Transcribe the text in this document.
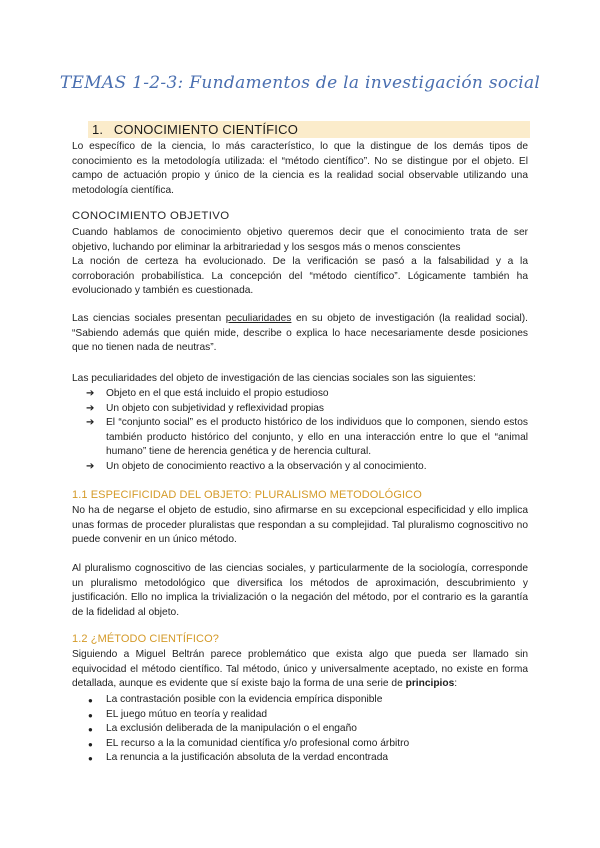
TEMAS 1-2-3: Fundamentos de la investigación social
1. CONOCIMIENTO CIENTÍFICO

Lo específico de la ciencia, lo más característico, lo que la distingue de los demás tipos de conocimiento es la metodología utilizada: el “método científico”. No se distingue por el objeto. El campo de actuación propio y único de la ciencia es la realidad social observable utilizando una metodología científica.

CONOCIMIENTO OBJETIVO

Cuando hablamos de conocimiento objetivo queremos decir que el conocimiento trata de ser objetivo, luchando por eliminar la arbitrariedad y los sesgos más o menos conscientes

La noción de certeza ha evolucionado. De la verificación se pasó a la falsabilidad y a la corroboración probabilística. La concepción del “método científico”. Lógicamente también ha evolucionado y también es cuestionada.

Las ciencias sociales presentan peculiaridades en su objeto de investigación (la realidad social). “Sabiendo además que quién mide, describe o explica lo hace necesariamente desde posiciones que no tienen nada de neutras”.

Las peculiaridades del objeto de investigación de las ciencias sociales son las siguientes:

➔ Objeto en el que está incluido el propio estudioso
➔ Un objeto con subjetividad y reflexividad propias
➔ El “conjunto social” es el producto histórico de los individuos que lo componen, siendo estos también producto histórico del conjunto, y ello en una interacción entre lo que el “animal humano” tiene de herencia genética y de herencia cultural.
➔ Un objeto de conocimiento reactivo a la observación y al conocimiento.
1.1 ESPECIFICIDAD DEL OBJETO: PLURALISMO METODOLÓGICO

No ha de negarse el objeto de estudio, sino afirmarse en su excepcional especificidad y ello implica unas formas de proceder pluralistas que respondan a su complejidad. Tal pluralismo cognoscitivo no puede convenir en un único método.

Al pluralismo cognoscitivo de las ciencias sociales, y particularmente de la sociología, corresponde un pluralismo metodológico que diversifica los métodos de aproximación, descubrimiento y justificación. Ello no implica la trivialización o la negación del método, por el contrario es la garantía de la fidelidad al objeto.

1.2 ¿MÉTODO CIENTÍFICO?

Siguiendo a Miguel Beltrán parece problemático que exista algo que pueda ser llamado sin equivocidad el método científico. Tal método, único y universalmente aceptado, no existe en forma detallada, aunque es evidente que sí existe bajo la forma de una serie de principios:

● La contrastación posible con la evidencia empírica disponible
● EL juego mútuo en teoría y realidad
● La exclusión deliberada de la manipulación o el engaño
● EL recurso a la la comunidad científica y/o profesional como árbitro
● La renuncia a la justificación absoluta de la verdad encontrada
